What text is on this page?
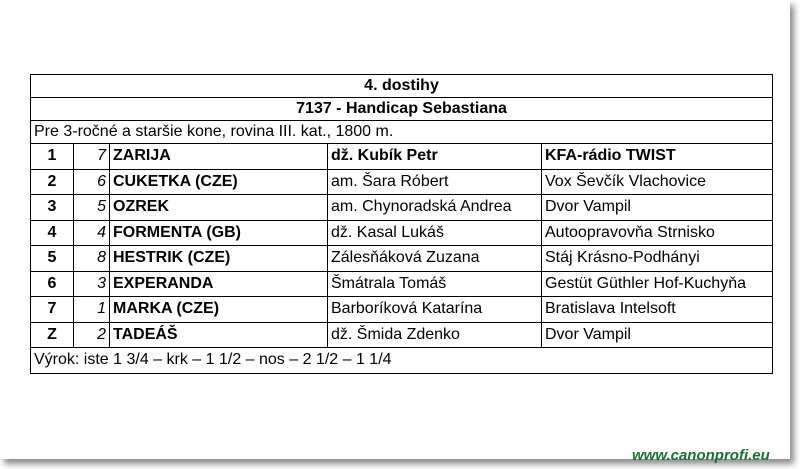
4. dostihy				
7137 - Handicap Sebastiana				
Pre 3-ročné a staršie kone, rovina III. kat., 1800 m.				
1	7	ZARIJA	dž. Kubík Petr	KFA-rádio TWIST
2	6	CUKETKA (CZE)	am. Šara Róbert	Vox Ševčík Vlachovice
3	5	OZREK	am. Chynoradská Andrea	Dvor Vampil
4	4	FORMENTA (GB)	dž. Kasal Lukáš	Autoopravovňa Strnisko
5	8	HESTRIK (CZE)	Zálesňáková Zuzana	Stáj Krásno-Podhányi
6	3	EXPERANDA	Šmátrala Tomáš	Gestüt Güthler Hof-Kuchyňa
7	1	MARKA (CZE)	Barboríková Katarína	Bratislava Intelsoft
Z	2	TADEÁŠ	dž. Šmida Zdenko	Dvor Vampil
Výrok: iste 1 3/4 – krk – 1 1/2 – nos – 2 1/2 – 1 1/4				
www.canonprofi.eu
